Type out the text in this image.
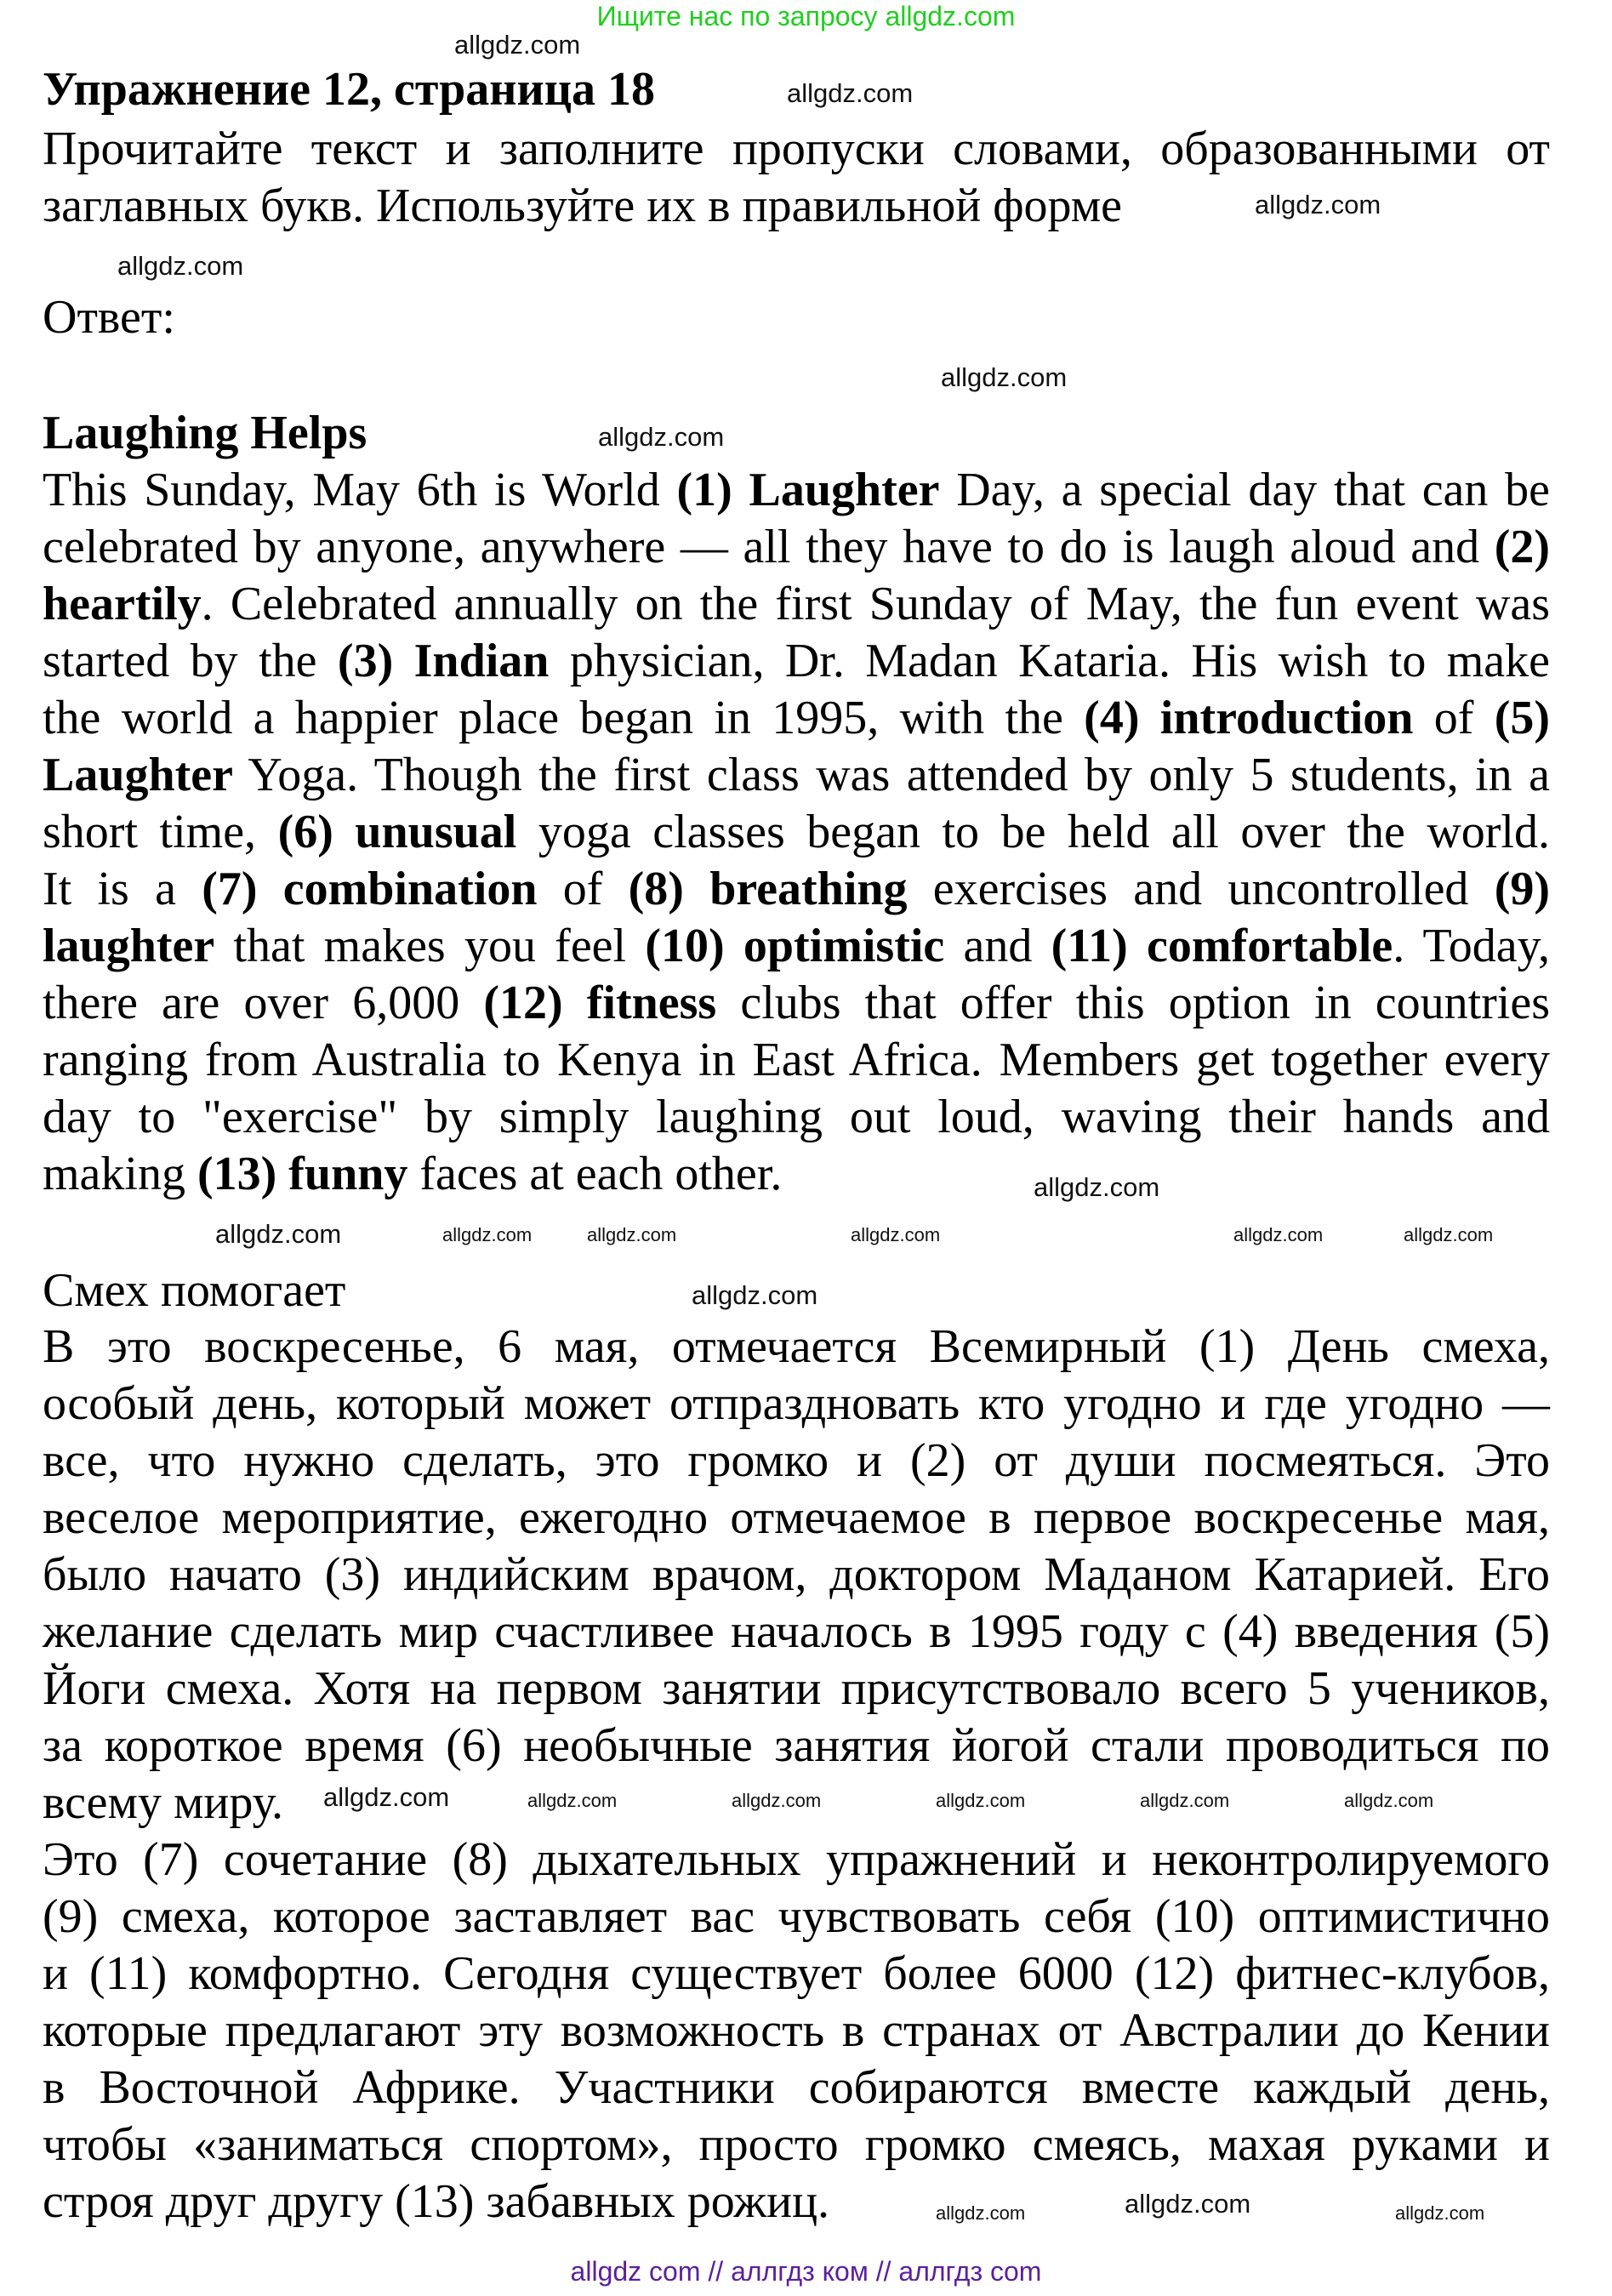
Ищите нас по запросу allgdz.com
Упражнение 12, страница 18
Прочитайте текст и заполните пропуски словами, образованными от
заглавных букв. Используйте их в правильной форме
Ответ:
Laughing Helps
This Sunday, May 6th is World (1) Laughter Day, a special day that can be
celebrated by anyone, anywhere — all they have to do is laugh aloud and (2)
heartily. Celebrated annually on the first Sunday of May, the fun event was
started by the (3) Indian physician, Dr. Madan Kataria. His wish to make
the world a happier place began in 1995, with the (4) introduction of (5)
Laughter Yoga. Though the first class was attended by only 5 students, in a
short time, (6) unusual yoga classes began to be held all over the world.
It is a (7) combination of (8) breathing exercises and uncontrolled (9)
laughter that makes you feel (10) optimistic and (11) comfortable. Today,
there are over 6,000 (12) fitness clubs that offer this option in countries
ranging from Australia to Kenya in East Africa. Members get together every
day to "exercise" by simply laughing out loud, waving their hands and
making (13) funny faces at each other.
Смех помогает
В это воскресенье, 6 мая, отмечается Всемирный (1) День смеха,
особый день, который может отпраздновать кто угодно и где угодно —
все, что нужно сделать, это громко и (2) от души посмеяться. Это
веселое мероприятие, ежегодно отмечаемое в первое воскресенье мая,
было начато (3) индийским врачом, доктором Маданом Катарией. Его
желание сделать мир счастливее началось в 1995 году с (4) введения (5)
Йоги смеха. Хотя на первом занятии присутствовало всего 5 учеников,
за короткое время (6) необычные занятия йогой стали проводиться по
всему миру.
Это (7) сочетание (8) дыхательных упражнений и неконтролируемого
(9) смеха, которое заставляет вас чувствовать себя (10) оптимистично
и (11) комфортно. Сегодня существует более 6000 (12) фитнес-клубов,
которые предлагают эту возможность в странах от Австралии до Кении
в Восточной Африке. Участники собираются вместе каждый день,
чтобы «заниматься спортом», просто громко смеясь, махая руками и
строя друг другу (13) забавных рожиц.
allgdz.com
allgdz.com
allgdz.com
allgdz.com
allgdz.com
allgdz.com
allgdz.com	allgdz.com	allgdz.com	allgdz.com	allgdz.com
allgdz.com
allgdz.com
allgdz.com
allgdz.com
allgdz.com	allgdz.com	allgdz.com
allgdz.com	allgdz.com	allgdz.com
allgdz.com
allgdz.com
allgdz com // аллгдз ком // аллгдз com
